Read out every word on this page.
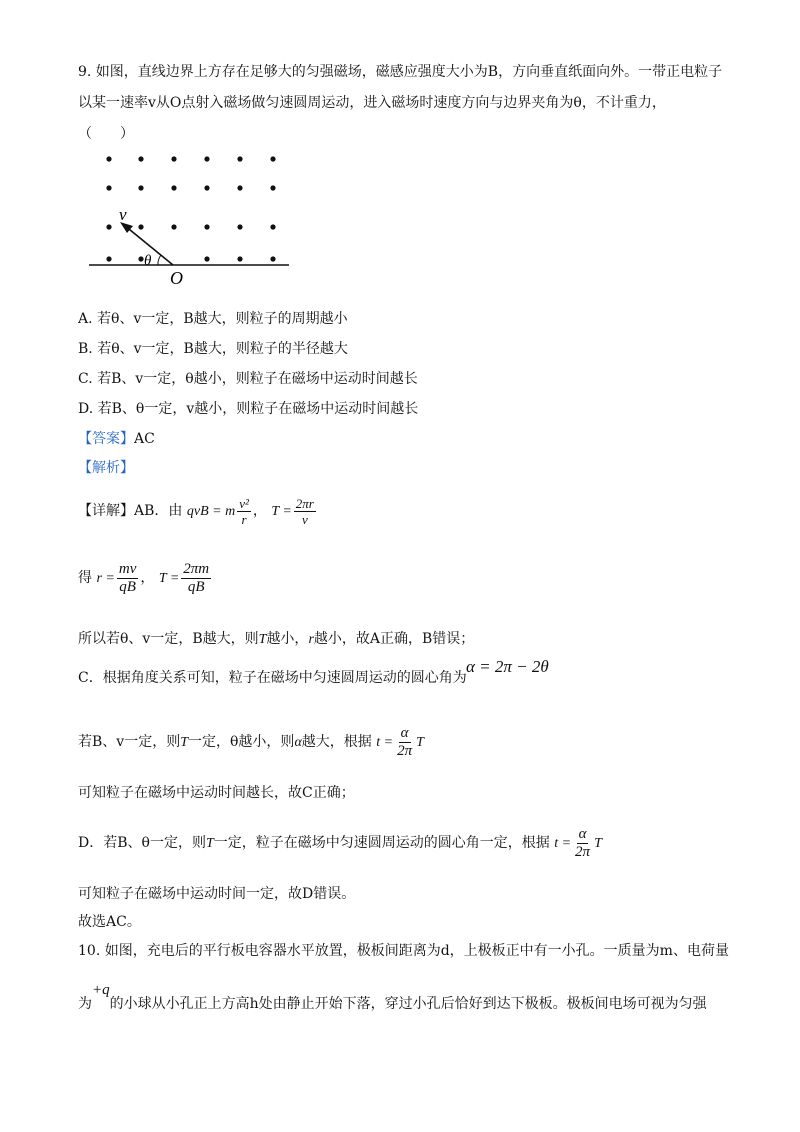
9. 如图，直线边界上方存在足够大的匀强磁场，磁感应强度大小为B，方向垂直纸面向外。一带正电粒子
以某一速率v从O点射入磁场做匀速圆周运动，进入磁场时速度方向与边界夹角为θ，不计重力，
（　　）
v
θ
O
A. 若θ、v一定，B越大，则粒子的周期越小
B. 若θ、v一定，B越大，则粒子的半径越大
C. 若B、v一定，θ越小，则粒子在磁场中运动时间越长
D. 若B、θ一定，v越小，则粒子在磁场中运动时间越长
【答案】AC
【解析】
【详解】AB．由 qvB = m $\frac{\text{v²}}{r}$ ， $T = \frac{2\pi r}{v}$
得 $r = \frac{mv}{qB}$ ， $T = \frac{2\pi m}{qB}$
所以若θ、v一定，B越大，则T越小，r越小，故A正确，B错误；
C．根据角度关系可知，粒子在磁场中匀速圆周运动的圆心角为
α = 2π − 2θ
若B、v一定，则T一定，θ越小，则α越大，根据 $t = \frac{\alpha}{2\pi}$ T
可知粒子在磁场中运动时间越长，故C正确；
D．若B、θ一定，则T一定，粒子在磁场中匀速圆周运动的圆心角一定，根据 $t = \frac{\alpha}{2\pi}$ T
可知粒子在磁场中运动时间一定，故D错误。
故选AC。
10. 如图，充电后的平行板电容器水平放置，极板间距离为d，上极板正中有一小孔。一质量为m、电荷量
为+q的小球从小孔正上方高h处由静止开始下落，穿过小孔后恰好到达下极板。极板间电场可视为匀强
